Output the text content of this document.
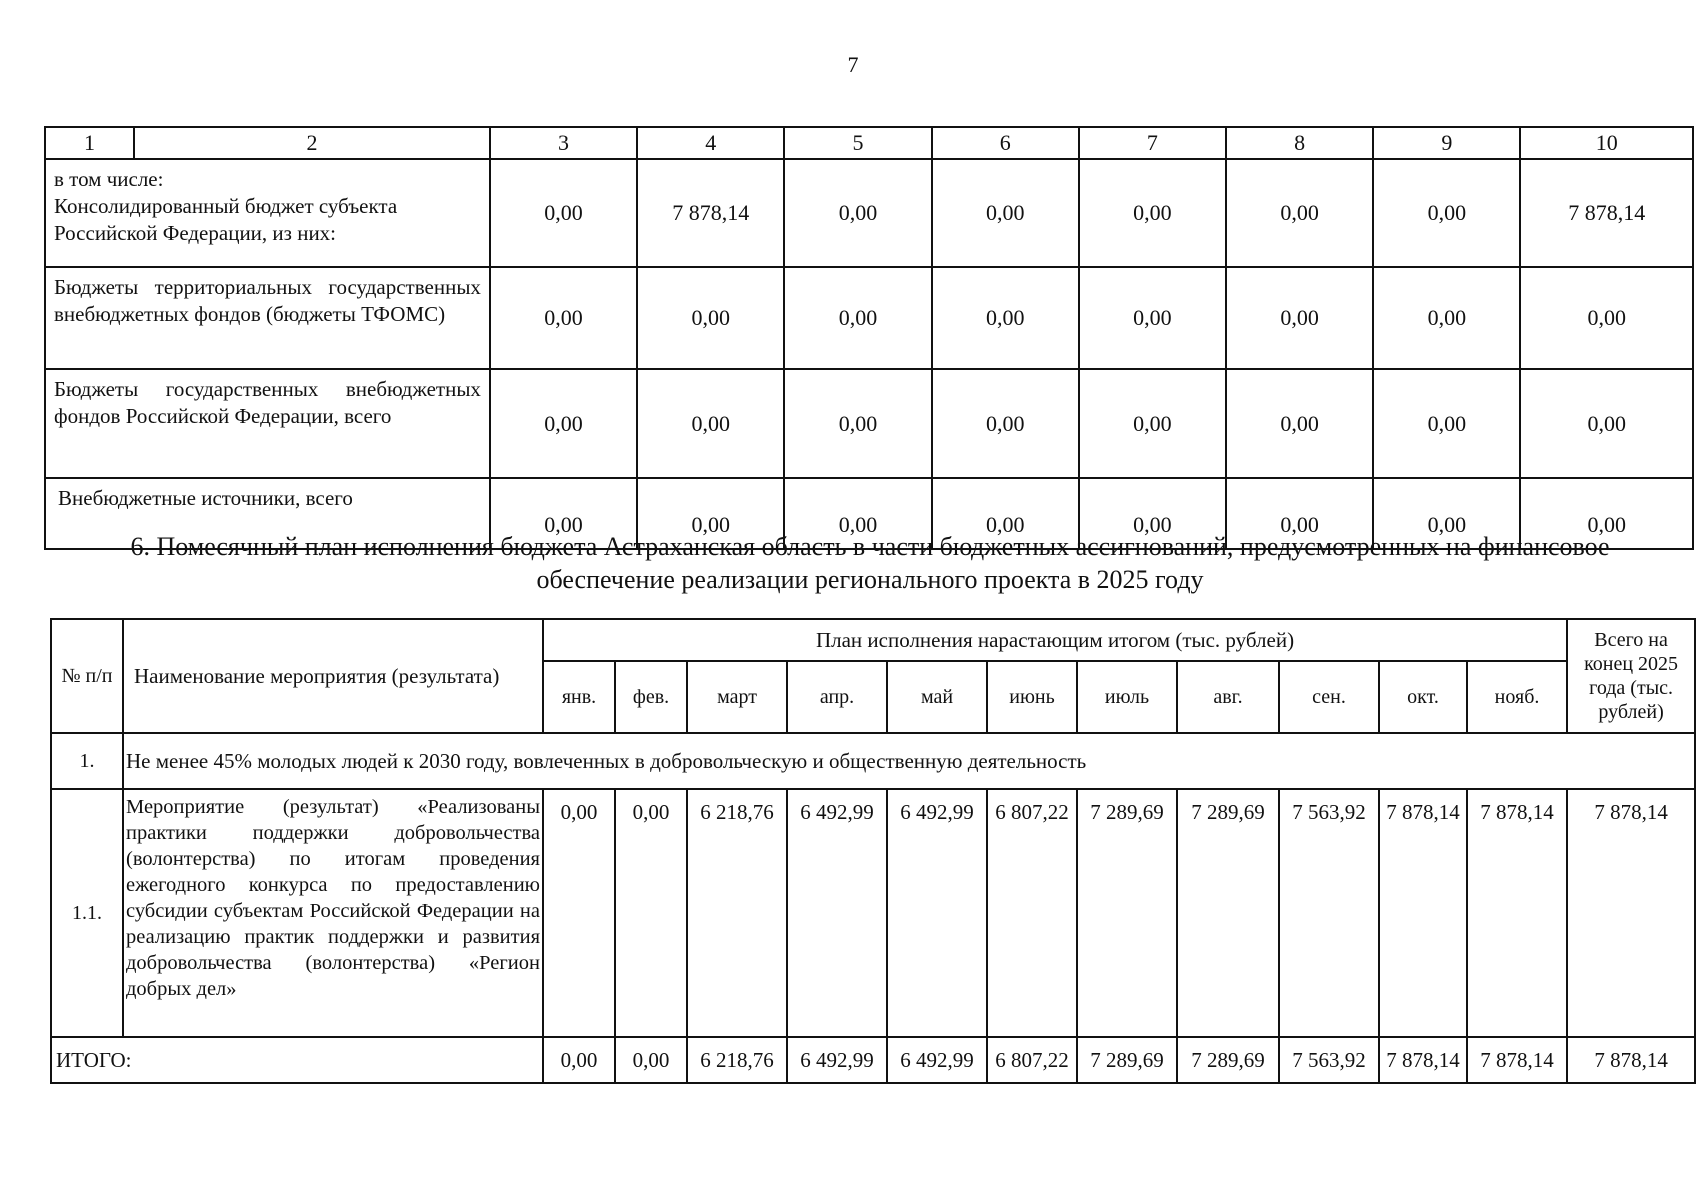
7
1	2	3	4	5	6	7	8	9	10

в том числе:
Консолидированный бюджет субъекта Российской Федерации, из них:		0,00	7 878,14	0,00	0,00	0,00	0,00	0,00	7 878,14
Бюджеты территориальных государственных внебюджетных фондов (бюджеты ТФОМС)		0,00	0,00	0,00	0,00	0,00	0,00	0,00	0,00
Бюджеты государственных внебюджетных фондов Российской Федерации, всего		0,00	0,00	0,00	0,00	0,00	0,00	0,00	0,00
Внебюджетные источники, всего		0,00	0,00	0,00	0,00	0,00	0,00	0,00	0,00
6. Помесячный план исполнения бюджета Астраханская область в части бюджетных ассигнований, предусмотренных на финансовое обеспечение реализации регионального проекта в 2025 году
№ п/п	Наименование мероприятия (результата)	План исполнения нарастающим итогом (тыс. рублей)											Всего на конец 2025 года (тыс. рублей)
		янв.	фев.	март	апр.	май	июнь	июль	авг.	сен.	окт.	нояб.	
1.	Не менее 45% молодых людей к 2030 году, вовлеченных в добровольческую и общественную деятельность												
1.1.	Мероприятие (результат) «Реализованы практики поддержки добровольчества (волонтерства) по итогам проведения ежегодного конкурса по предоставлению субсидии субъектам Российской Федерации на реализацию практик поддержки и развития добровольчества (волонтерства) «Регион добрых дел»	0,00	0,00	6 218,76	6 492,99	6 492,99	6 807,22	7 289,69	7 289,69	7 563,92	7 878,14	7 878,14	7 878,14
ИТОГО:		0,00	0,00	6 218,76	6 492,99	6 492,99	6 807,22	7 289,69	7 289,69	7 563,92	7 878,14	7 878,14	7 878,14
